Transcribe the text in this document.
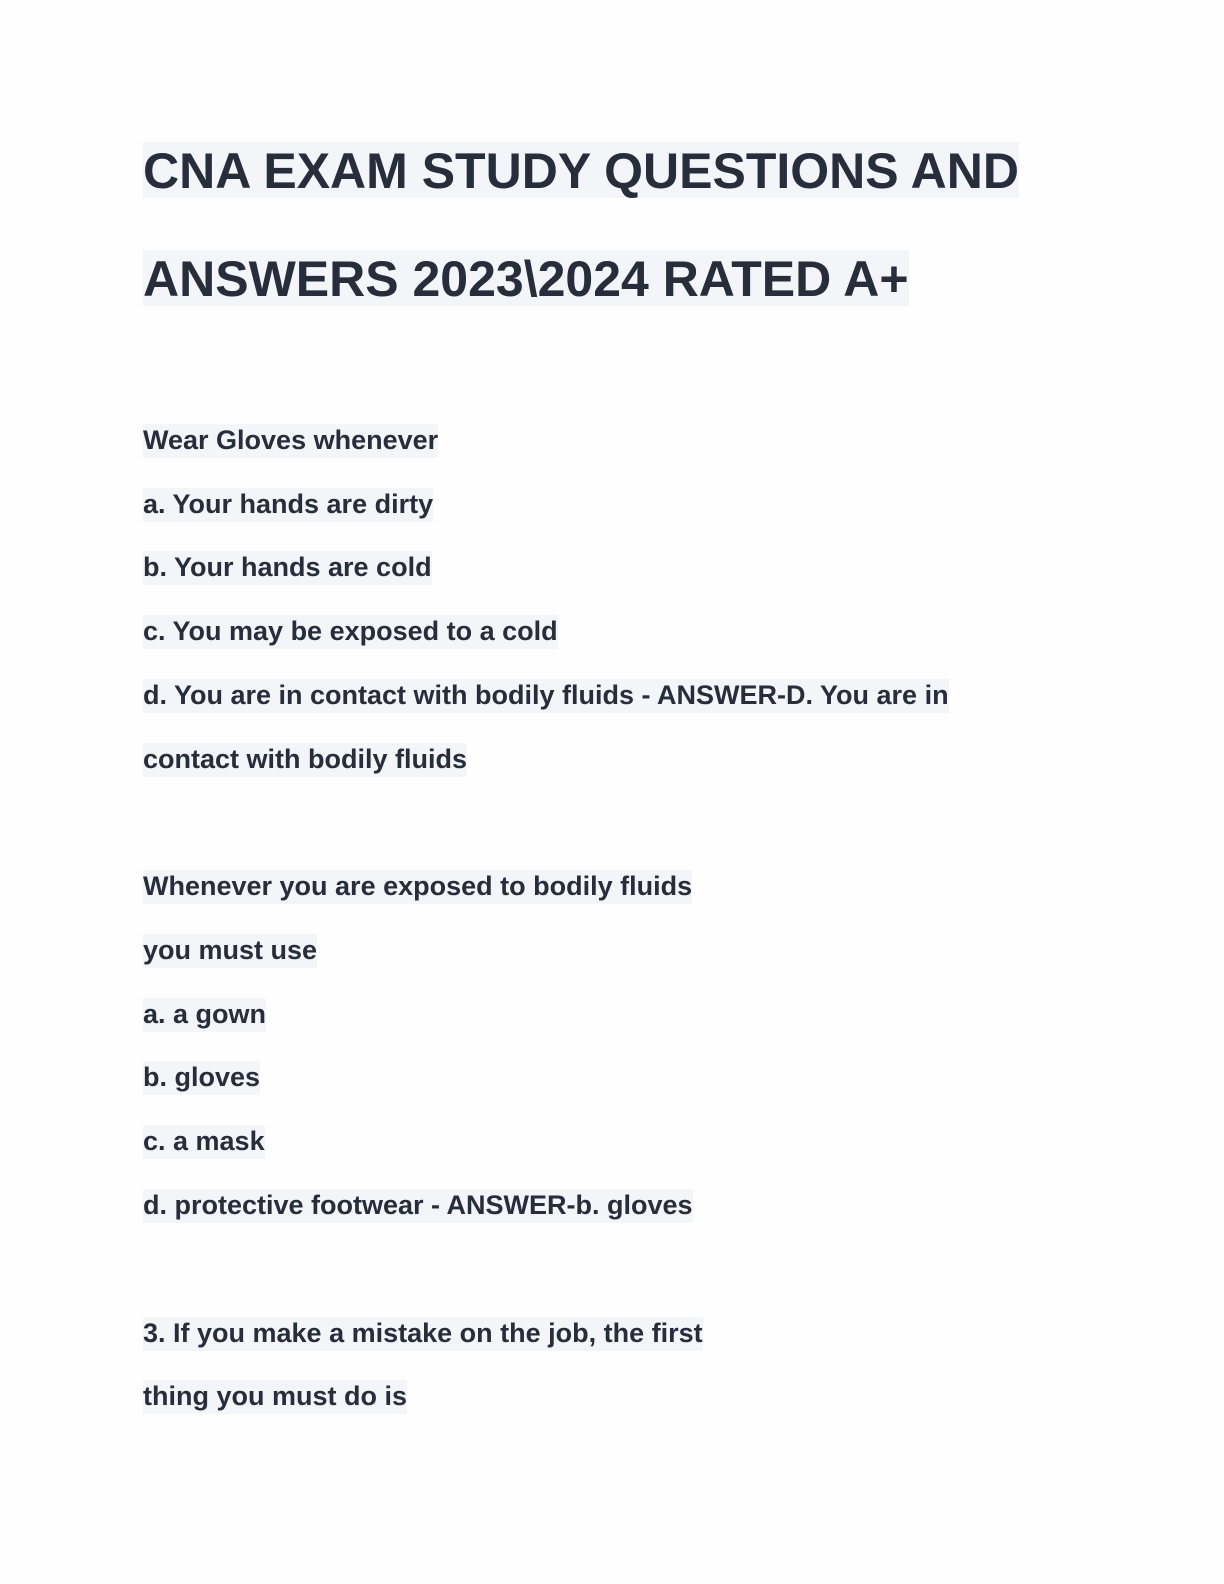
CNA EXAM STUDY QUESTIONS AND
ANSWERS 2023\2024 RATED A+
Wear Gloves whenever
a. Your hands are dirty
b. Your hands are cold
c. You may be exposed to a cold
d. You are in contact with bodily fluids - ANSWER-D. You are in
contact with bodily fluids
Whenever you are exposed to bodily fluids
you must use
a. a gown
b. gloves
c. a mask
d. protective footwear - ANSWER-b. gloves
3. If you make a mistake on the job, the first
thing you must do is
